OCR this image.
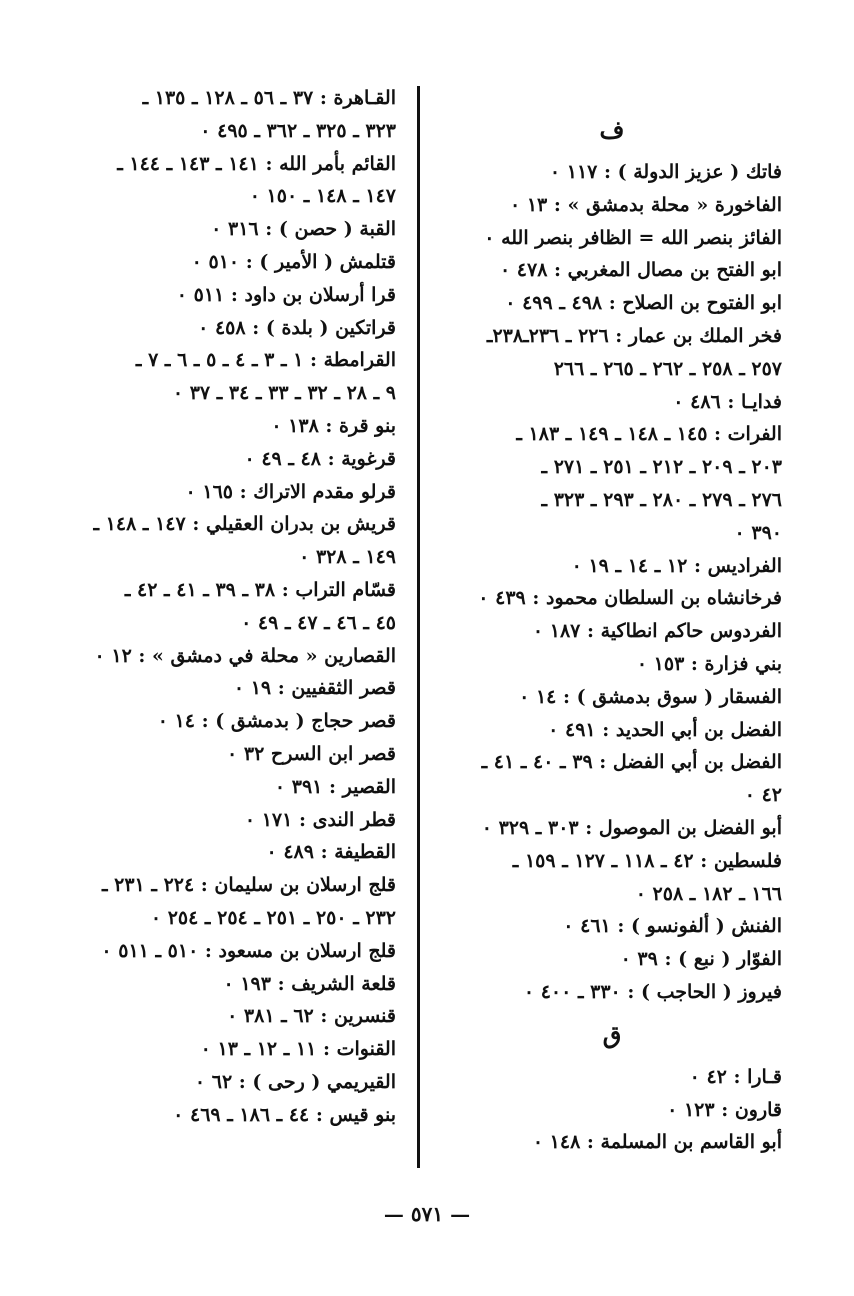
ف
فاتك ( عزيز الدولة ) : ١١٧ ٠
الفاخورة « محلة بدمشق » : ١٣ ٠
الفائز بنصر الله = الظافر بنصر الله ٠
ابو الفتح بن مصال المغربي : ٤٧٨ ٠
ابو الفتوح بن الصلاح : ٤٩٨ ـ ٤٩٩ ٠
فخر الملك بن عمار : ٢٢٦ ـ ٢٣٦ـ٢٣٨ـ
٢٥٧ ـ ٢٥٨ ـ ٢٦٢ ـ ٢٦٥ ـ ٢٦٦
فدايـا : ٤٨٦ ٠
الفرات : ١٤٥ ـ ١٤٨ ـ ١٤٩ ـ ١٨٣ ـ
٢٠٣ ـ ٢٠٩ ـ ٢١٢ ـ ٢٥١ ـ ٢٧١ ـ
٢٧٦ ـ ٢٧٩ ـ ٢٨٠ ـ ٢٩٣ ـ ٣٢٣ ـ
٣٩٠ ٠
الفراديس : ١٢ ـ ١٤ ـ ١٩ ٠
فرخانشاه بن السلطان محمود : ٤٣٩ ٠
الفردوس حاكم انطاكية : ١٨٧ ٠
بني فزارة : ١٥٣ ٠
الفسقار ( سوق بدمشق ) : ١٤ ٠
الفضل بن أبي الحديد : ٤٩١ ٠
الفضل بن أبي الفضل : ٣٩ ـ ٤٠ ـ ٤١ ـ
٤٢ ٠
أبو الفضل بن الموصول : ٣٠٣ ـ ٣٢٩ ٠
فلسطين : ٤٢ ـ ١١٨ ـ ١٢٧ ـ ١٥٩ ـ
١٦٦ ـ ١٨٢ ـ ٢٥٨ ٠
الفنش ( ألفونسو ) : ٤٦١ ٠
الفوّار ( نبع ) : ٣٩ ٠
فيروز ( الحاجب ) : ٣٣٠ ـ ٤٠٠ ٠
ق
قـارا : ٤٢ ٠
قارون : ١٢٣ ٠
أبو القاسم بن المسلمة : ١٤٨ ٠
القـاهرة : ٣٧ ـ ٥٦ ـ ١٢٨ ـ ١٣٥ ـ
٣٢٣ ـ ٣٢٥ ـ ٣٦٢ ـ ٤٩٥ ٠
القائم بأمر الله : ١٤١ ـ ١٤٣ ـ ١٤٤ ـ
١٤٧ ـ ١٤٨ ـ ١٥٠ ٠
القبة ( حصن ) : ٣١٦ ٠
قتلمش ( الأمير ) : ٥١٠ ٠
قرا أرسلان بن داود : ٥١١ ٠
قراتكين ( بلدة ) : ٤٥٨ ٠
القرامطة : ١ ـ ٣ ـ ٤ ـ ٥ ـ ٦ ـ ٧ ـ
٩ ـ ٢٨ ـ ٣٢ ـ ٣٣ ـ ٣٤ ـ ٣٧ ٠
بنو قرة : ١٣٨ ٠
قرغوية : ٤٨ ـ ٤٩ ٠
قرلو مقدم الاتراك : ١٦٥ ٠
قريش بن بدران العقيلي : ١٤٧ ـ ١٤٨ ـ
١٤٩ ـ ٣٢٨ ٠
قسّام التراب : ٣٨ ـ ٣٩ ـ ٤١ ـ ٤٢ ـ
٤٥ ـ ٤٦ ـ ٤٧ ـ ٤٩ ٠
القصارين « محلة في دمشق » : ١٢ ٠
قصر الثقفيين : ١٩ ٠
قصر حجاج ( بدمشق ) : ١٤ ٠
قصر ابن السرح ٣٢ ٠
القصير : ٣٩١ ٠
قطر الندى : ١٧١ ٠
القطيفة : ٤٨٩ ٠
قلج ارسلان بن سليمان : ٢٢٤ ـ ٢٣١ ـ
٢٣٢ ـ ٢٥٠ ـ ٢٥١ ـ ٢٥٤ ـ ٢٥٤ ٠
قلج ارسلان بن مسعود : ٥١٠ ـ ٥١١ ٠
قلعة الشريف : ١٩٣ ٠
قنسرين : ٦٢ ـ ٣٨١ ٠
القنوات : ١١ ـ ١٢ ـ ١٣ ٠
القيريمي ( رحى ) : ٦٢ ٠
بنو قيس : ٤٤ ـ ١٨٦ ـ ٤٦٩ ٠
— ٥٧١ —
